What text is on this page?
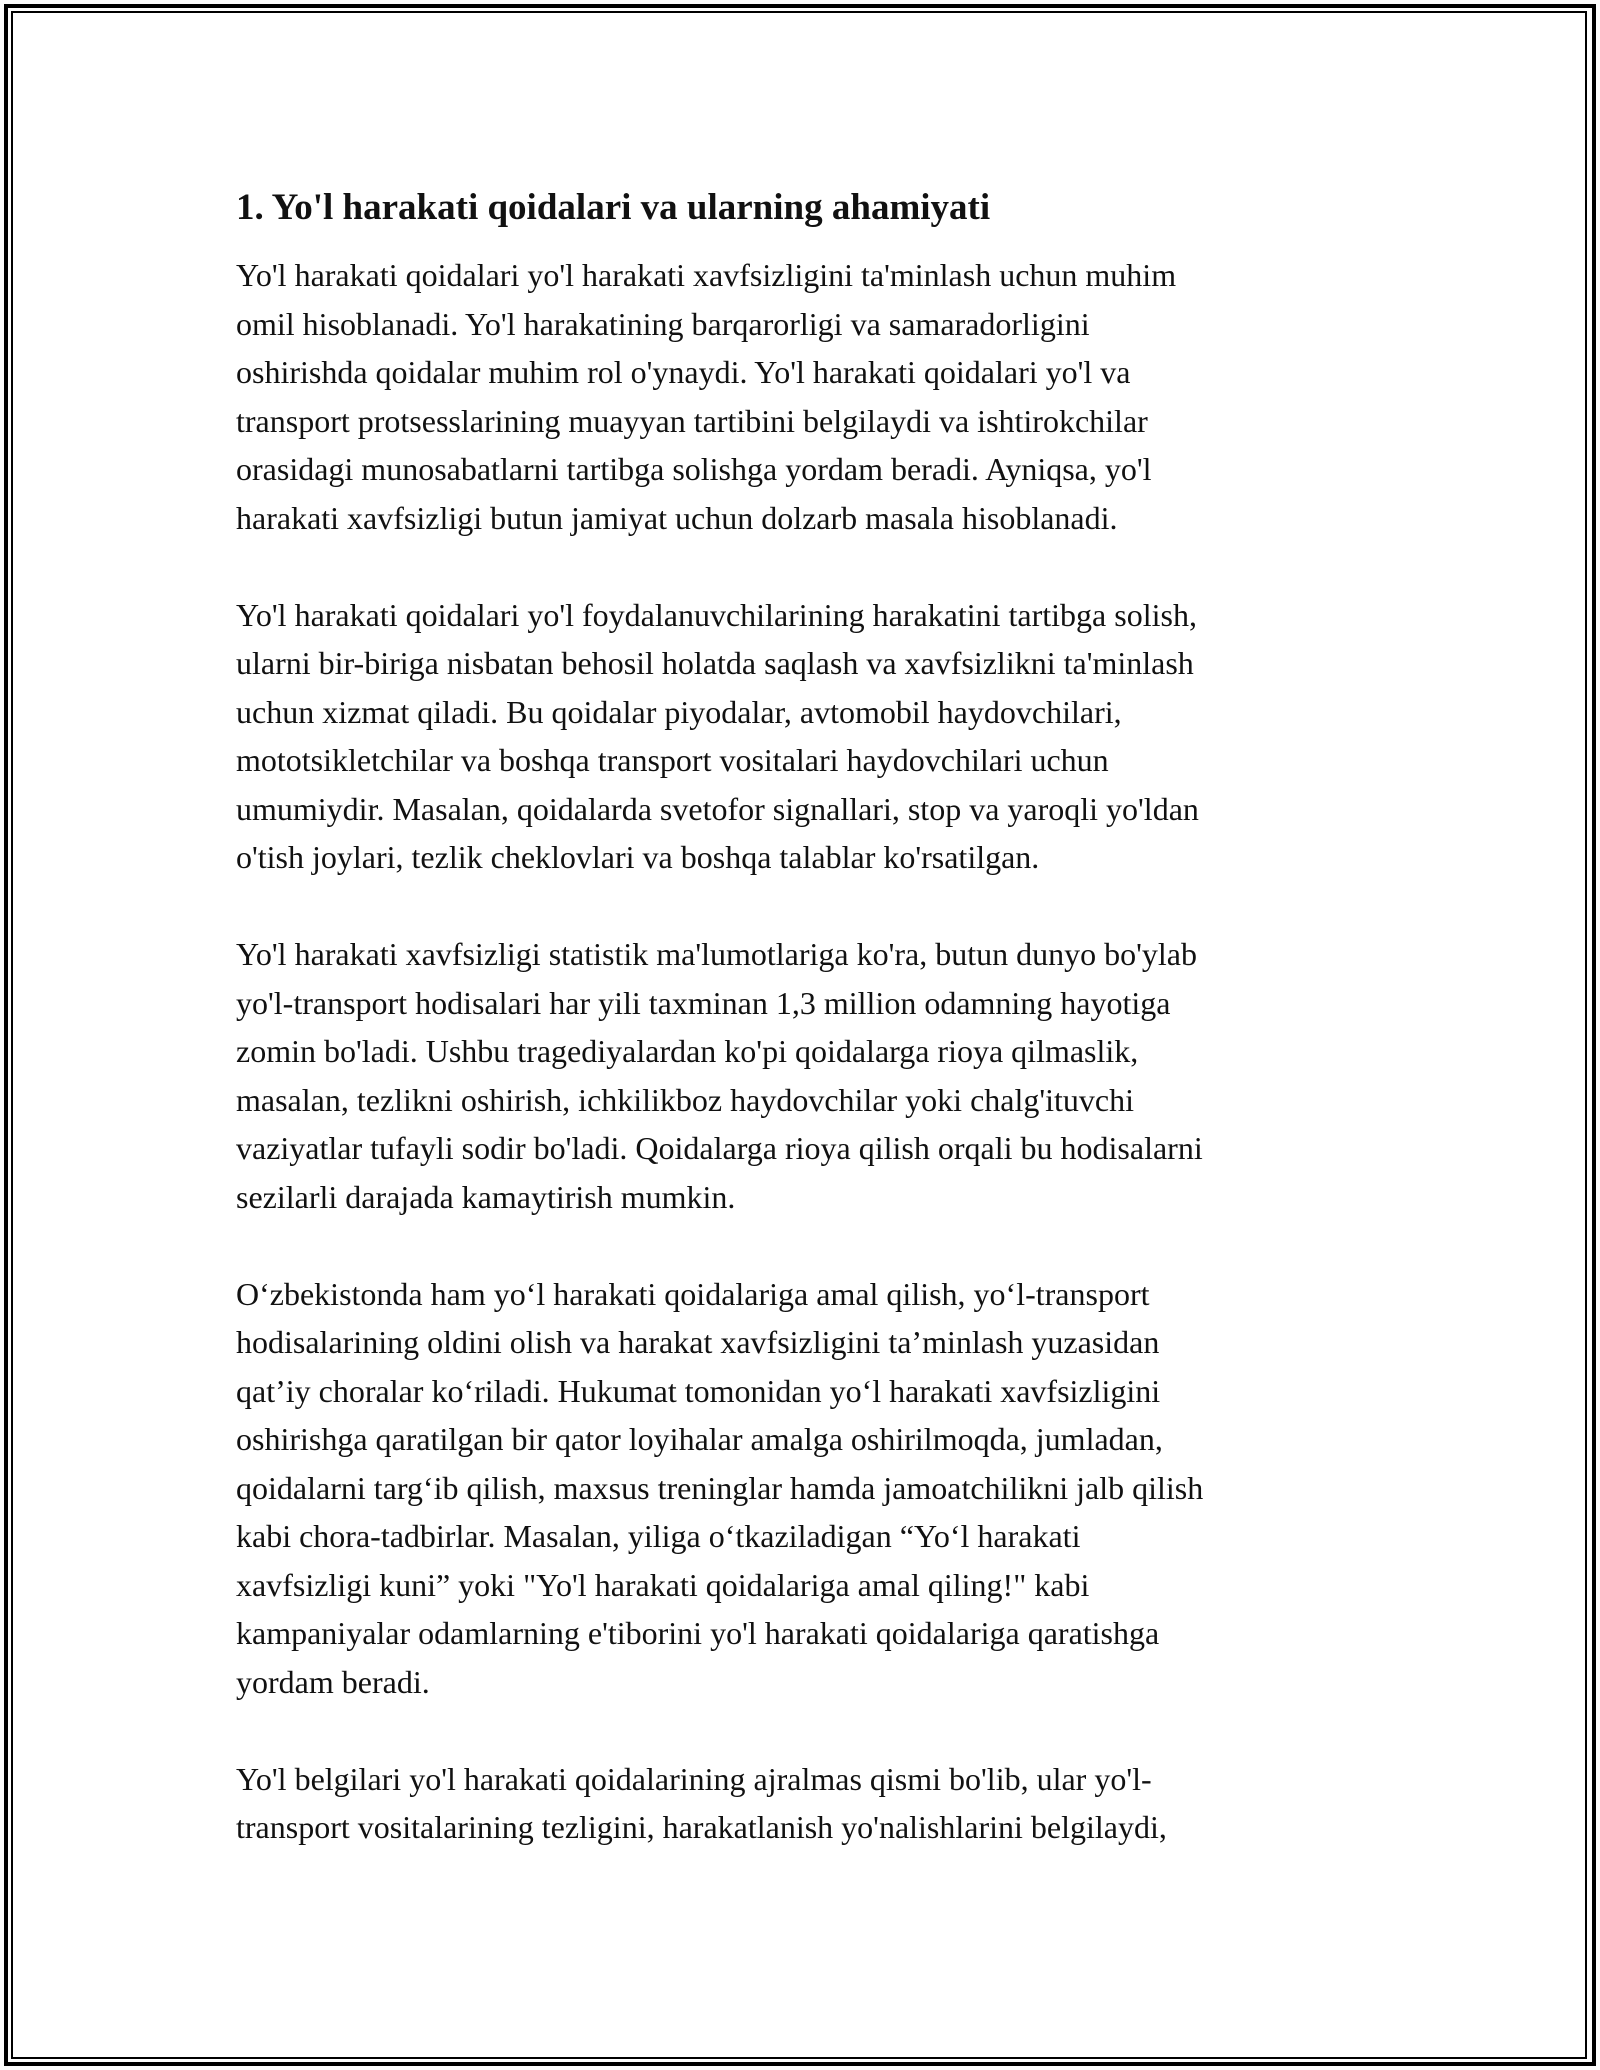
1. Yo'l harakati qoidalari va ularning ahamiyati
Yo'l harakati qoidalari yo'l harakati xavfsizligini ta'minlash uchun muhim
omil hisoblanadi. Yo'l harakatining barqarorligi va samaradorligini
oshirishda qoidalar muhim rol o'ynaydi. Yo'l harakati qoidalari yo'l va
transport protsesslarining muayyan tartibini belgilaydi va ishtirokchilar
orasidagi munosabatlarni tartibga solishga yordam beradi. Ayniqsa, yo'l
harakati xavfsizligi butun jamiyat uchun dolzarb masala hisoblanadi.
Yo'l harakati qoidalari yo'l foydalanuvchilarining harakatini tartibga solish,
ularni bir-biriga nisbatan behosil holatda saqlash va xavfsizlikni ta'minlash
uchun xizmat qiladi. Bu qoidalar piyodalar, avtomobil haydovchilari,
mototsikletchilar va boshqa transport vositalari haydovchilari uchun
umumiydir. Masalan, qoidalarda svetofor signallari, stop va yaroqli yo'ldan
o'tish joylari, tezlik cheklovlari va boshqa talablar ko'rsatilgan.
Yo'l harakati xavfsizligi statistik ma'lumotlariga ko'ra, butun dunyo bo'ylab
yo'l-transport hodisalari har yili taxminan 1,3 million odamning hayotiga
zomin bo'ladi. Ushbu tragediyalardan ko'pi qoidalarga rioya qilmaslik,
masalan, tezlikni oshirish, ichkilikboz haydovchilar yoki chalg'ituvchi
vaziyatlar tufayli sodir bo'ladi. Qoidalarga rioya qilish orqali bu hodisalarni
sezilarli darajada kamaytirish mumkin.
O‘zbekistonda ham yo‘l harakati qoidalariga amal qilish, yo‘l-transport
hodisalarining oldini olish va harakat xavfsizligini ta’minlash yuzasidan
qat’iy choralar ko‘riladi. Hukumat tomonidan yo‘l harakati xavfsizligini
oshirishga qaratilgan bir qator loyihalar amalga oshirilmoqda, jumladan,
qoidalarni targ‘ib qilish, maxsus treninglar hamda jamoatchilikni jalb qilish
kabi chora-tadbirlar. Masalan, yiliga o‘tkaziladigan “Yo‘l harakati
xavfsizligi kuni” yoki "Yo'l harakati qoidalariga amal qiling!" kabi
kampaniyalar odamlarning e'tiborini yo'l harakati qoidalariga qaratishga
yordam beradi.
Yo'l belgilari yo'l harakati qoidalarining ajralmas qismi bo'lib, ular yo'l-
transport vositalarining tezligini, harakatlanish yo'nalishlarini belgilaydi,
